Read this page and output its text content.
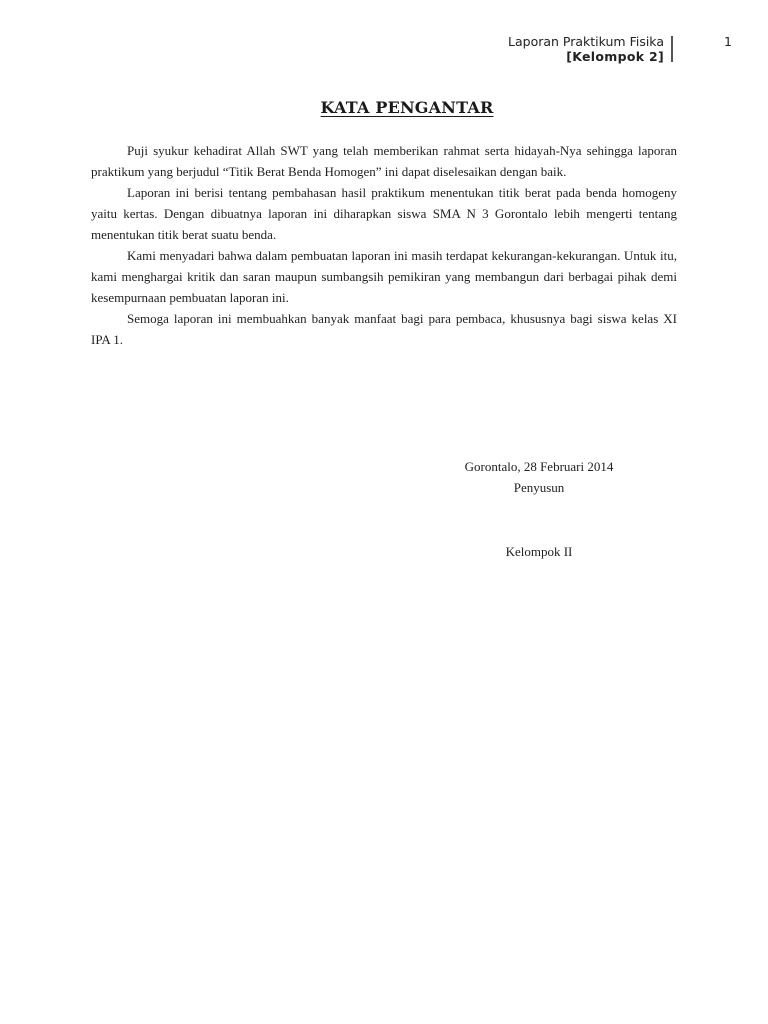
Laporan Praktikum Fisika
[Kelompok 2]
1
KATA PENGANTAR

Puji syukur kehadirat Allah SWT yang telah memberikan rahmat serta hidayah-Nya sehingga laporan praktikum yang berjudul “Titik Berat Benda Homogen” ini dapat diselesaikan dengan baik.

Laporan ini berisi tentang pembahasan hasil praktikum menentukan titik berat pada benda homogeny yaitu kertas. Dengan dibuatnya laporan ini diharapkan siswa SMA N 3 Gorontalo lebih mengerti tentang menentukan titik berat suatu benda.

Kami menyadari bahwa dalam pembuatan laporan ini masih terdapat kekurangan-kekurangan. Untuk itu, kami menghargai kritik dan saran maupun sumbangsih pemikiran yang membangun dari berbagai pihak demi kesempurnaan pembuatan laporan ini.

Semoga laporan ini membuahkan banyak manfaat bagi para pembaca, khususnya bagi siswa kelas XI IPA 1.

Gorontalo, 28 Februari 2014
Penyusun
Kelompok II
